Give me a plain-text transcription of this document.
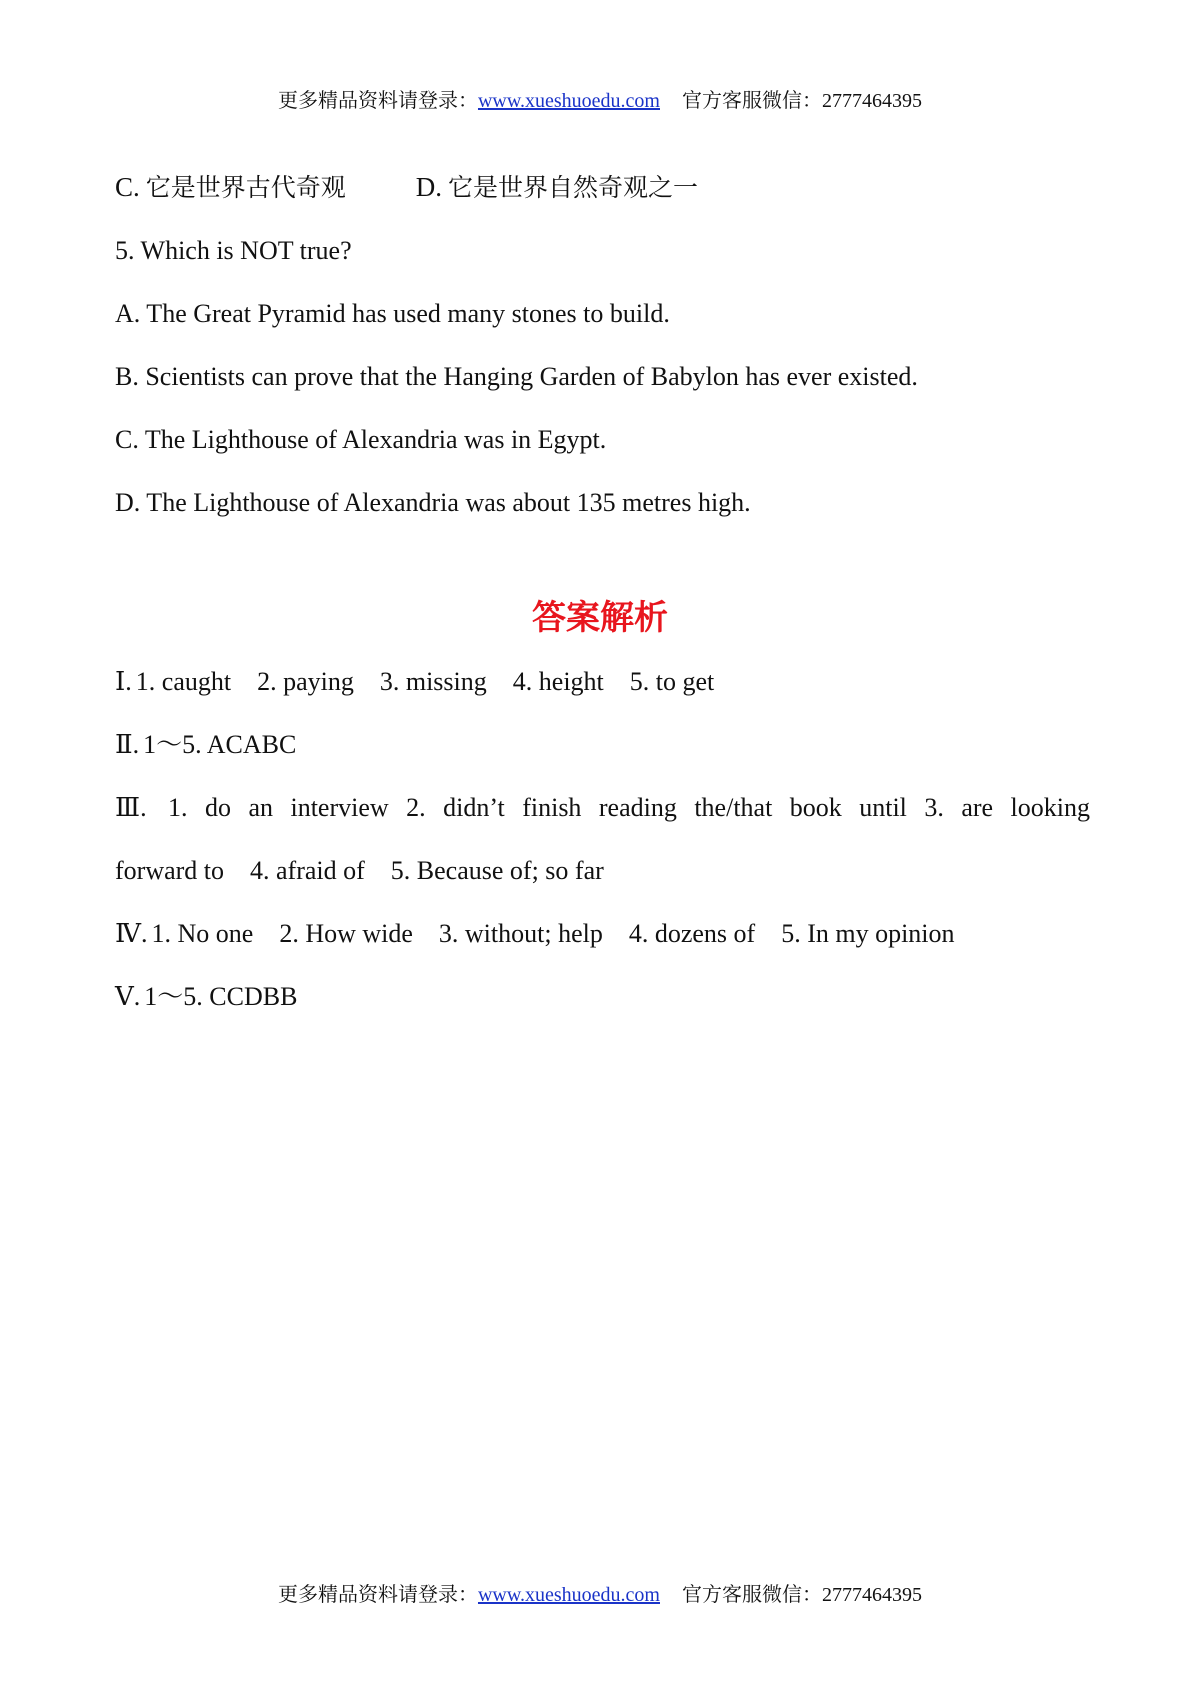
更多精品资料请登录：www.xueshuoedu.com 官方客服微信：2777464395
C. 它是世界古代奇观	D. 它是世界自然奇观之一
5. Which is NOT true?
A. The Great Pyramid has used many stones to build.
B. Scientists can prove that the Hanging Garden of Babylon has ever existed.
C. The Lighthouse of Alexandria was in Egypt.
D. The Lighthouse of Alexandria was about 135 metres high.
答案解析
Ⅰ. 1. caught 2. paying 3. missing 4. height 5. to get
Ⅱ. 1～5. ACABC
Ⅲ. 1. do an interview 2. didn’t finish reading the/that book until 3. are looking
forward to 4. afraid of 5. Because of; so far
Ⅳ. 1. No one 2. How wide 3. without; help 4. dozens of 5. In my opinion
Ⅴ. 1～5. CCDBB
更多精品资料请登录：www.xueshuoedu.com 官方客服微信：2777464395
